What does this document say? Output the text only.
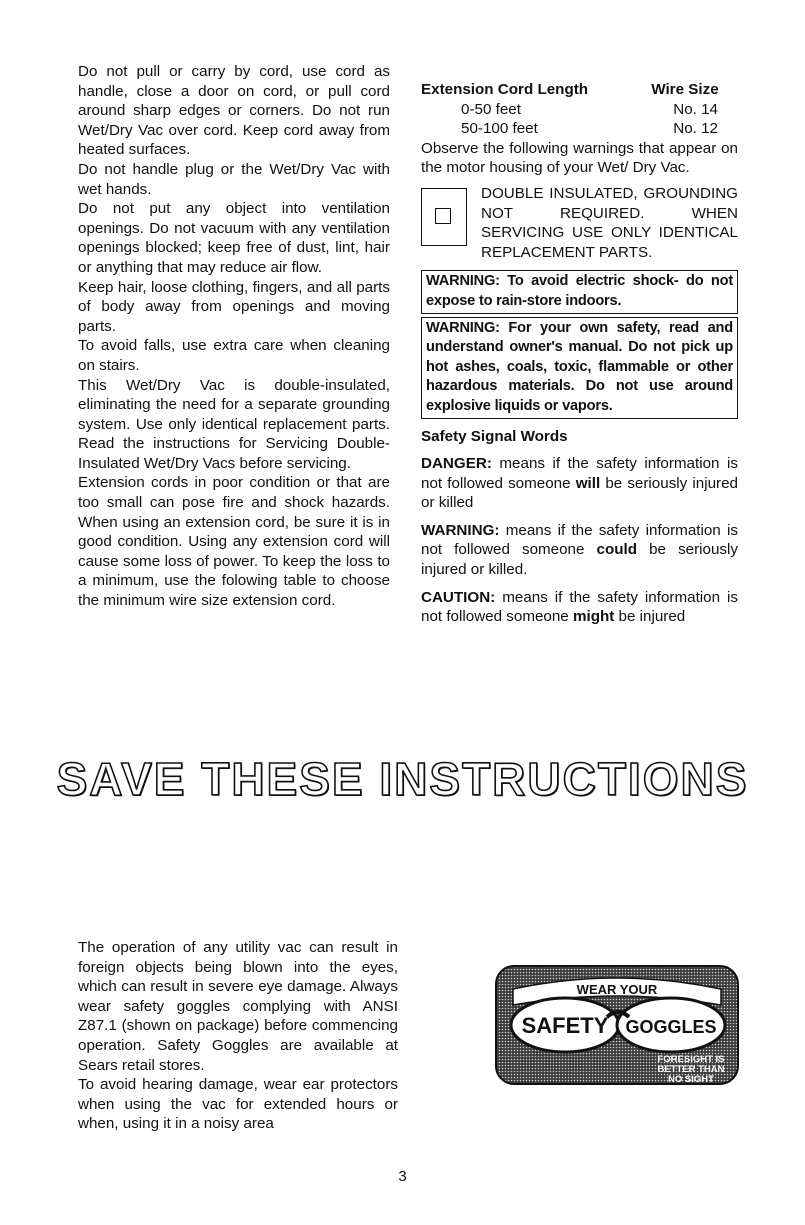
Do not pull or carry by cord, use cord as handle, close a door on cord, or pull cord around sharp edges or corners. Do not run Wet/Dry Vac over cord. Keep cord away from heated surfaces.

Do not handle plug or the Wet/Dry Vac with wet hands.

Do not put any object into ventilation openings. Do not vacuum with any ventilation openings blocked; keep free of dust, lint, hair or anything that may reduce air flow.

Keep hair, loose clothing, fingers, and all parts of body away from openings and moving parts.

To avoid falls, use extra care when cleaning on stairs.

This Wet/Dry Vac is double-insulated, eliminating the need for a separate grounding system. Use only identical replacement parts. Read the instructions for Servicing Double-Insulated Wet/Dry Vacs before servicing.

Extension cords in poor condition or that are too small can pose fire and shock hazards. When using an extension cord, be sure it is in good condition. Using any extension cord will cause some loss of power. To keep the loss to a minimum, use the folowing table to choose the minimum wire size extension cord.

Extension Cord Length	Wire Size
0-50 feet	No. 14
50-100 feet	No. 12
Observe the following warnings that appear on the motor housing of your Wet/ Dry Vac.
DOUBLE INSULATED, GROUNDING NOT REQUIRED. WHEN SERVICING USE ONLY IDENTICAL REPLACEMENT PARTS.
WARNING: To avoid electric shock- do not expose to rain-store indoors.
WARNING: For your own safety, read and understand owner's manual. Do not pick up hot ashes, coals, toxic, flammable or other hazardous materials. Do not use around explosive liquids or vapors.
Safety Signal Words

DANGER: means if the safety information is not followed someone will be seriously injured or killed

WARNING: means if the safety information is not followed someone could be seriously injured or killed.

CAUTION: means if the safety information is not followed someone might be injured

SAVE THESE INSTRUCTIONS

The operation of any utility vac can result in foreign objects being blown into the eyes, which can result in severe eye damage. Always wear safety goggles complying with ANSI Z87.1 (shown on package) before commencing operation. Safety Goggles are available at Sears retail stores.

To avoid hearing damage, wear ear protectors when using the vac for extended hours or when, using it in a noisy area

WEAR YOUR
SAFETY GOGGLES
FORESIGHT IS
BETTER THAN
NO SIGHT
3
